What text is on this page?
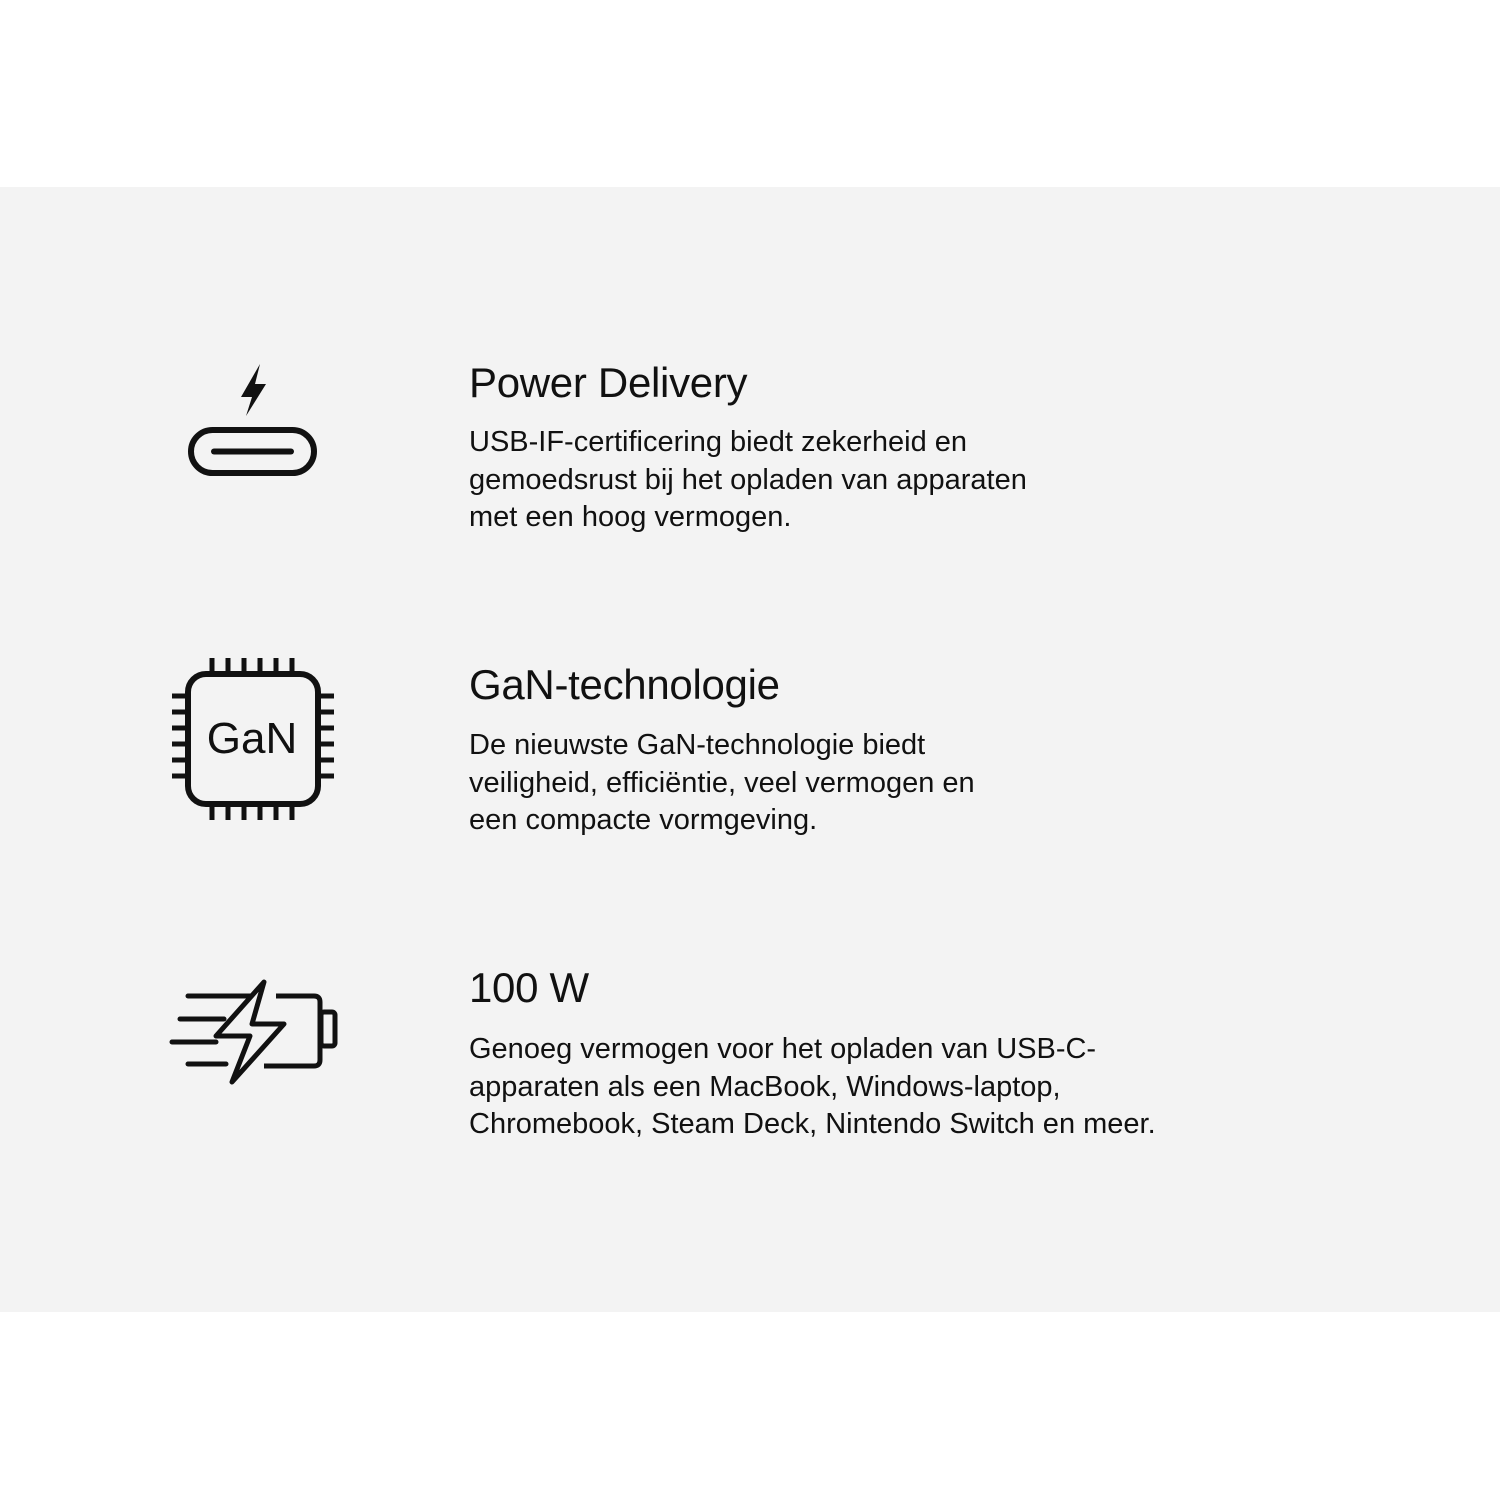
Power Delivery

USB-IF-certificering biedt zekerheid en
gemoedsrust bij het opladen van apparaten
met een hoog vermogen.

GaN
GaN-technologie

De nieuwste GaN-technologie biedt
veiligheid, efficiëntie, veel vermogen en
een compacte vormgeving.

100 W

Genoeg vermogen voor het opladen van USB-C-
apparaten als een MacBook, Windows-laptop,
Chromebook, Steam Deck, Nintendo Switch en meer.
